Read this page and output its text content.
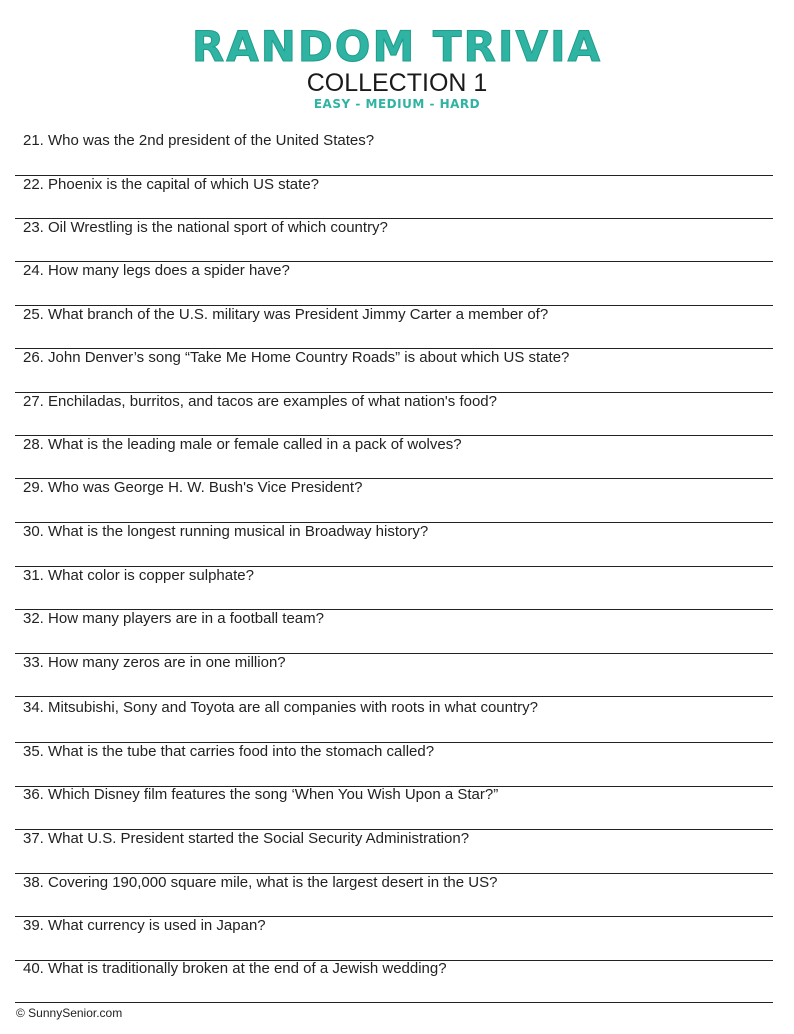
RANDOM TRIVIA
COLLECTION 1
EASY - MEDIUM - HARD
21. Who was the 2nd president of the United States?
22. Phoenix is the capital of which US state?
23. Oil Wrestling is the national sport of which country?
24. How many legs does a spider have?
25. What branch of the U.S. military was President Jimmy Carter a member of?
26. John Denver’s song “Take Me Home Country Roads” is about which US state?
27. Enchiladas, burritos, and tacos are examples of what nation's food?
28. What is the leading male or female called in a pack of wolves?
29. Who was George H. W. Bush's Vice President?
30. What is the longest running musical in Broadway history?
31. What color is copper sulphate?
32. How many players are in a football team?
33. How many zeros are in one million?
34. Mitsubishi, Sony and Toyota are all companies with roots in what country?
35. What is the tube that carries food into the stomach called?
36. Which Disney film features the song ‘When You Wish Upon a Star?”
37. What U.S. President started the Social Security Administration?
38. Covering 190,000 square mile, what is the largest desert in the US?
39. What currency is used in Japan?
40. What is traditionally broken at the end of a Jewish wedding?
© SunnySenior.com
